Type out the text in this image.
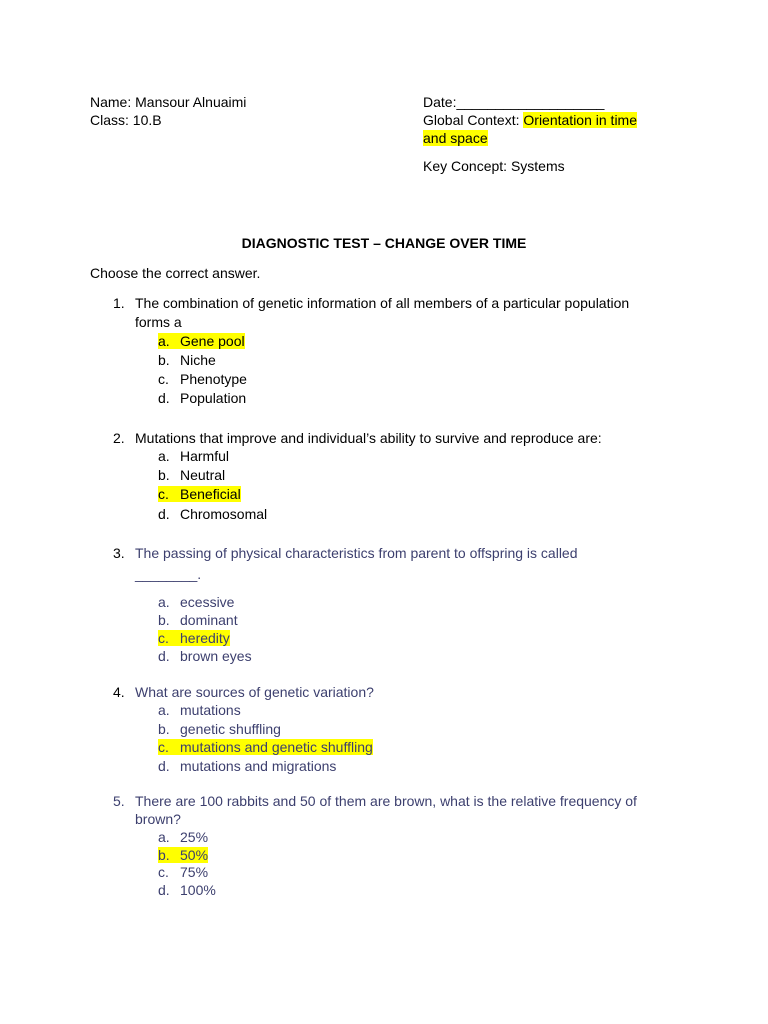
Name: Mansour Alnuaimi
Class: 10.B
Date:___________________
Global Context: Orientation in time
and space
Key Concept: Systems
DIAGNOSTIC TEST – CHANGE OVER TIME
Choose the correct answer.
1. The combination of genetic information of all members of a particular population
forms a
a. Gene pool
b. Niche
c. Phenotype
d. Population
2. Mutations that improve and individual’s ability to survive and reproduce are:
a. Harmful
b. Neutral
c. Beneficial
d. Chromosomal
3. The passing of physical characteristics from parent to offspring is called
________.
a. ecessive
b. dominant
c. heredity
d. brown eyes
4. What are sources of genetic variation?
a. mutations
b. genetic shuffling
c. mutations and genetic shuffling
d. mutations and migrations
5. There are 100 rabbits and 50 of them are brown, what is the relative frequency of
brown?
a. 25%
b. 50%
c. 75%
d. 100%
